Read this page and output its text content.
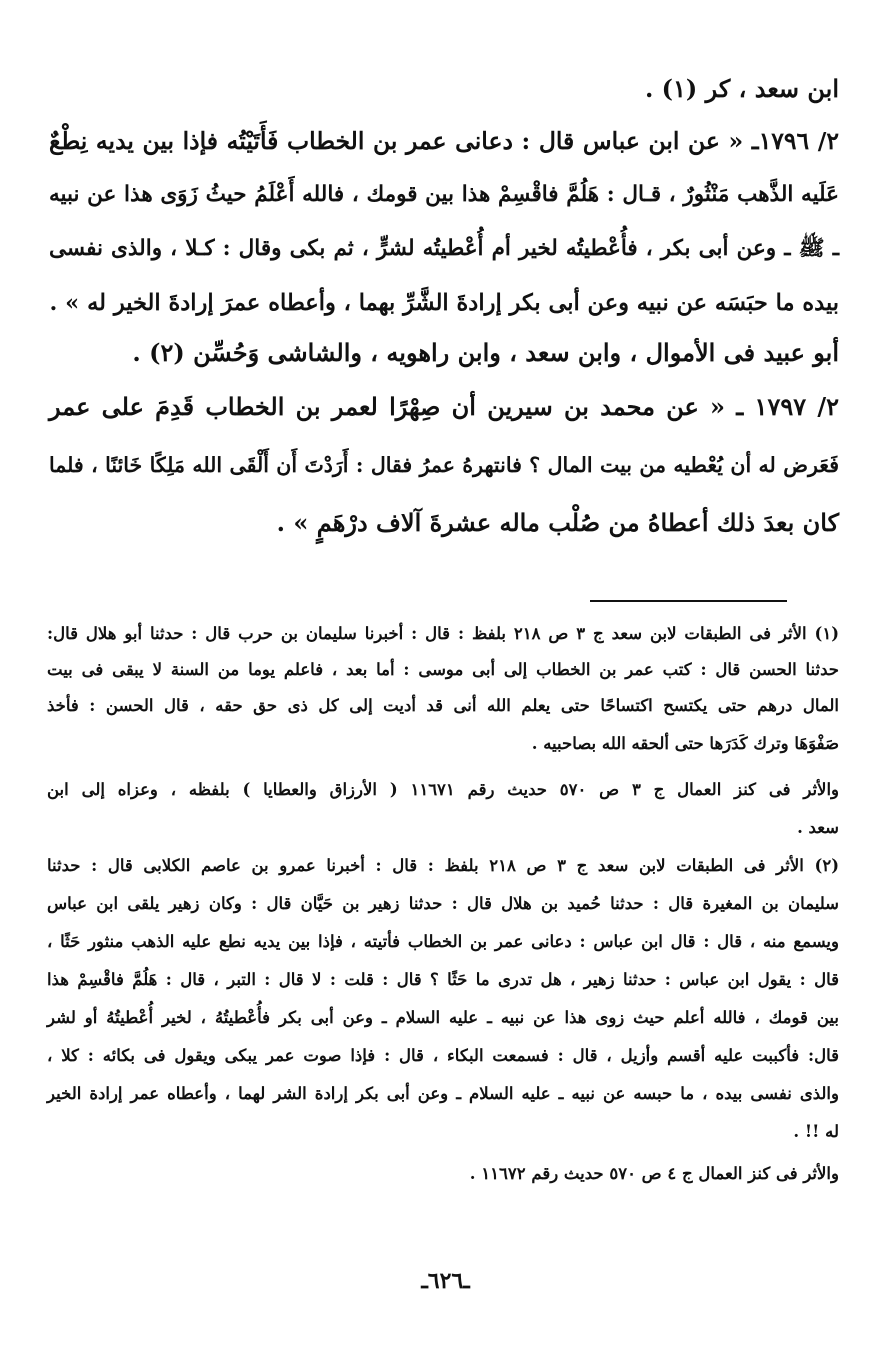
ابن سعد ، كر (١) .
٢/ ١٧٩٦ـ « عن ابن عباس قال : دعانى عمر بن الخطاب فَأَتَيْتُه فإذا بين يديه نِطْعٌ
عَلَيه الذَّهب مَنْثُورٌ ، قـال : هَلُمَّ فاقْسِمْ هذا بين قومك ، فالله أَعْلَمُ حيثُ زَوَى هذا عن نبيه
ـ ﷺ ـ وعن أبى بكر ، فأُعْطيتُه لخير أم أُعْطيتُه لشرٍّ ، ثم بكى وقال : كـلا ، والذى نفسى
بيده ما حبَسَه عن نبيه وعن أبى بكر إرادةَ الشَّرِّ بهما ، وأعطاه عمرَ إرادةَ الخير له » .
أبو عبيد فى الأموال ، وابن سعد ، وابن راهويه ، والشاشى وَحُسِّن (٢) .
٢/ ١٧٩٧ ـ « عن محمد بن سيرين أن صِهْرًا لعمر بن الخطاب قَدِمَ على عمر
فَعَرض له أن يُعْطيه من بيت المال ؟ فانتهرهُ عمرُ فقال : أَرَدْتَ أَن أَلْقَى الله مَلِكًا خَائنًا ، فلما
كان بعدَ ذلك أعطاهُ من صُلْب ماله عشرةَ آلاف درْهَمٍ » .
(١) الأثر فى الطبقات لابن سعد ج ٣ ص ٢١٨ بلفظ : قال : أخبرنا سليمان بن حرب قال : حدثنا أبو هلال قال:
حدثنا الحسن قال : كتب عمر بن الخطاب إلى أبى موسى : أما بعد ، فاعلم يوما من السنة لا يبقى فى بيت
المال درهم حتى يكتسح اكتساحًا حتى يعلم الله أنى قد أديت إلى كل ذى حق حقه ، قال الحسن : فأخذ
صَفْوَهَا وترك كَدَرَها حتى ألحقه الله بصاحبيه .
والأثر فى كنز العمال ج ٣ ص ٥٧٠ حديث رقم ١١٦٧١ ( الأرزاق والعطايا ) بلفظه ، وعزاه إلى ابن
سعد .
(٢) الأثر فى الطبقات لابن سعد ج ٣ ص ٢١٨ بلفظ : قال : أخبرنا عمرو بن عاصم الكلابى قال : حدثنا
سليمان بن المغيرة قال : حدثنا حُميد بن هلال قال : حدثنا زهير بن حَيَّان قال : وكان زهير يلقى ابن عباس
ويسمع منه ، قال : قال ابن عباس : دعانى عمر بن الخطاب فأتيته ، فإذا بين يديه نطع عليه الذهب منثور حَثًا ،
قال : يقول ابن عباس : حدثنا زهير ، هل تدرى ما حَثًا ؟ قال : قلت : لا قال : التبر ، قال : هَلُمَّ فاقْسِمْ هذا
بين قومك ، فالله أعلم حيث زوى هذا عن نبيه ـ عليه السلام ـ وعن أبى بكر فأُعْطيتُهُ ، لخير أُعْطيتُهُ أو لشر
قال: فأكببت عليه أقسم وأزيل ، قال : فسمعت البكاء ، قال : فإذا صوت عمر يبكى ويقول فى بكائه : كلا ،
والذى نفسى بيده ، ما حبسه عن نبيه ـ عليه السلام ـ وعن أبى بكر إرادة الشر لهما ، وأعطاه عمر إرادة الخير
له !! .
والأثر فى كنز العمال ج ٤ ص ٥٧٠ حديث رقم ١١٦٧٢ .
ـ٦٢٦ـ
